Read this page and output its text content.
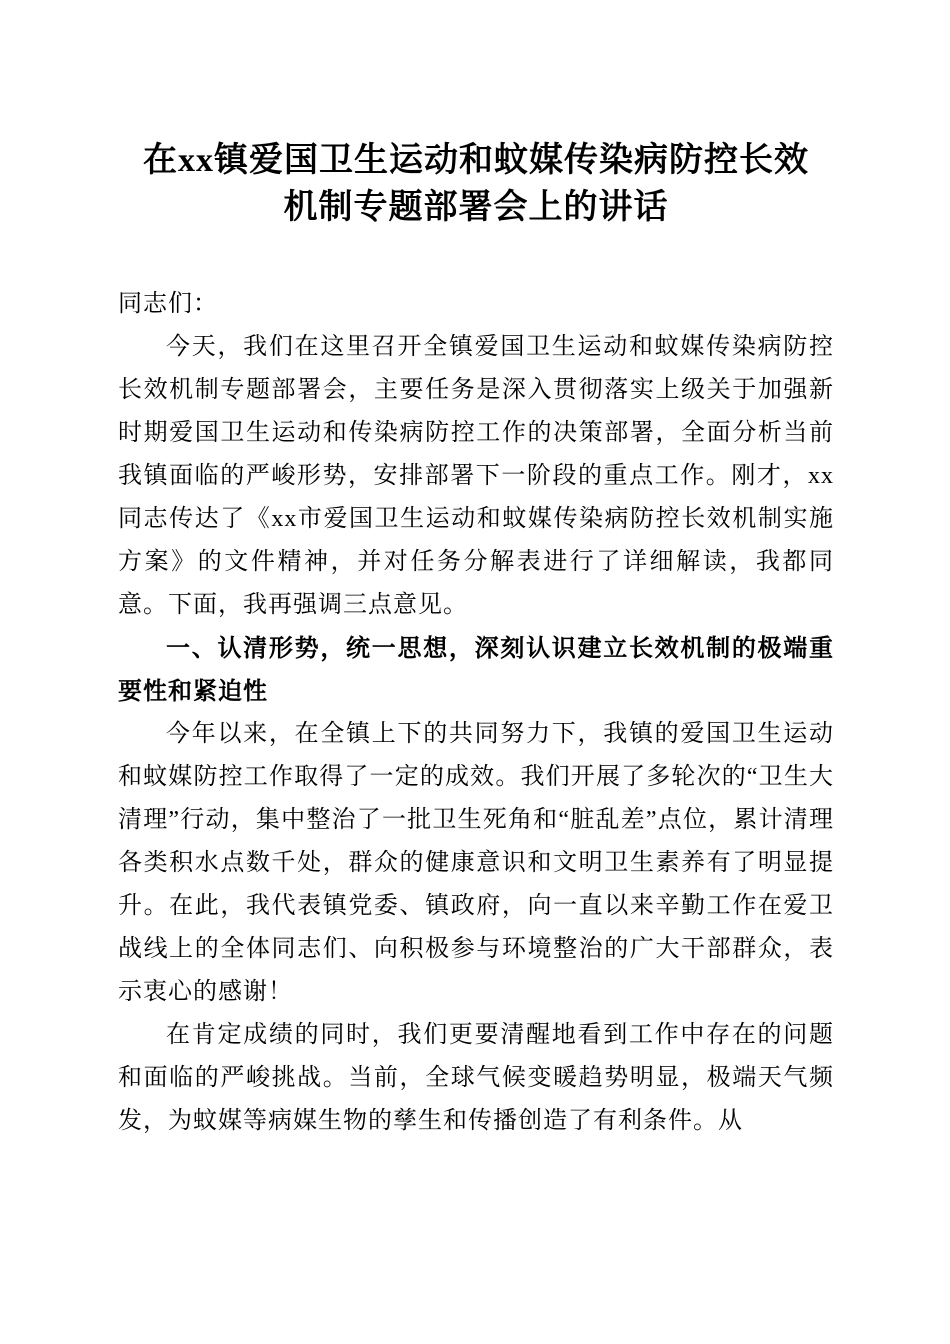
在xx镇爱国卫生运动和蚊媒传染病防控长效机制专题部署会上的讲话

同志们：

今天，我们在这里召开全镇爱国卫生运动和蚊媒传染病防控长效机制专题部署会，主要任务是深入贯彻落实上级关于加强新时期爱国卫生运动和传染病防控工作的决策部署，全面分析当前我镇面临的严峻形势，安排部署下一阶段的重点工作。刚才，xx同志传达了《xx市爱国卫生运动和蚊媒传染病防控长效机制实施方案》的文件精神，并对任务分解表进行了详细解读，我都同意。下面，我再强调三点意见。

一、认清形势，统一思想，深刻认识建立长效机制的极端重要性和紧迫性

今年以来，在全镇上下的共同努力下，我镇的爱国卫生运动和蚊媒防控工作取得了一定的成效。我们开展了多轮次的“卫生大清理”行动，集中整治了一批卫生死角和“脏乱差”点位，累计清理各类积水点数千处，群众的健康意识和文明卫生素养有了明显提升。在此，我代表镇党委、镇政府，向一直以来辛勤工作在爱卫战线上的全体同志们、向积极参与环境整治的广大干部群众，表示衷心的感谢！

在肯定成绩的同时，我们更要清醒地看到工作中存在的问题和面临的严峻挑战。当前，全球气候变暖趋势明显，极端天气频发，为蚊媒等病媒生物的孳生和传播创造了有利条件。从
